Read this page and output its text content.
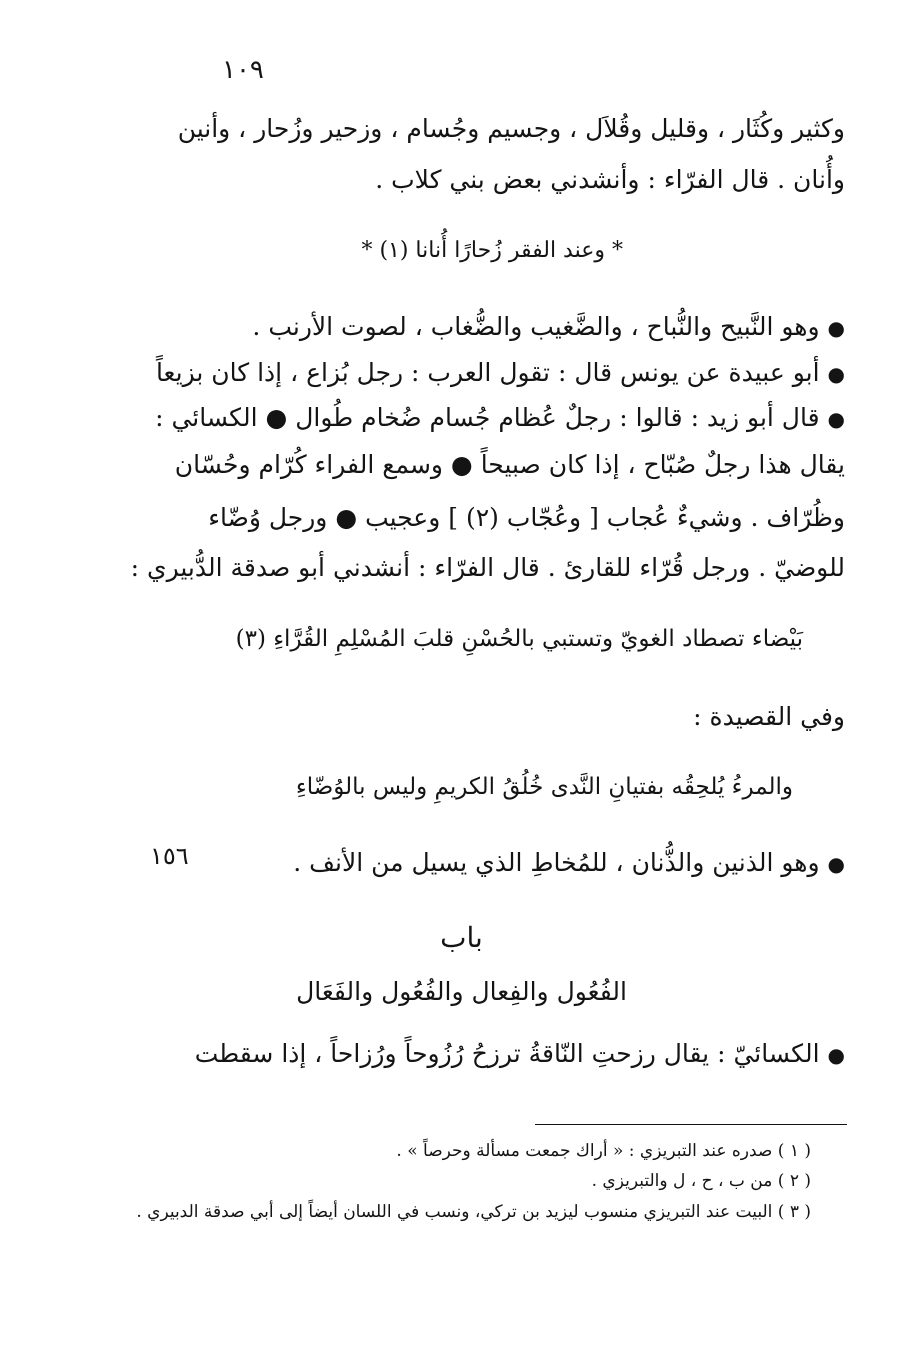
١٠٩
وكثير وكُثَار ، وقليل وقُلاَل ، وجسيم وجُسام ، وزحير وزُحار ، وأنين
وأُنان . قال الفرّاء : وأنشدني بعض بني كلاب .
* وعند الفقر زُحارًا أُنانا (١) *
●وهو النَّبيح والنُّباح ، والضَّغيب والضُّغاب ، لصوت الأرنب .
●أبو عبيدة عن يونس قال : تقول العرب : رجل بُزاع ، إذا كان بزيعاً
●قال أبو زيد : قالوا : رجلٌ عُظام جُسام ضُخام طُوال ● الكسائي :
يقال هذا رجلٌ صُبّاح ، إذا كان صبيحاً ● وسمع الفراء كُرّام وحُسّان
وظُرّاف . وشيءٌ عُجاب [ وعُجّاب (٢) ] وعجيب ● ورجل وُضّاء
للوضيّ . ورجل قُرّاء للقارئ . قال الفرّاء : أنشدني أبو صدقة الدُّبيري :
بَيْضاء تصطاد الغويّ وتستبي بالحُسْنِ قلبَ المُسْلِمِ القُرَّاءِ (٣)
وفي القصيدة :
والمرءُ يُلحِقُه بفتيانِ النَّدى خُلُقُ الكريمِ وليس بالوُضّاءِ
١٥٦	●وهو الذنين والذُّنان ، للمُخاطِ الذي يسيل من الأنف .
باب
الفُعُول والفِعال والفُعُول والفَعَال
●الكسائيّ : يقال رزحتِ النّاقةُ ترزحُ رُزُوحاً ورُزاحاً ، إذا سقطت
( ١ ) صدره عند التبريزي : « أراك جمعت مسألة وحرصاً » .
( ٢ ) من ب ، ح ، ل والتبريزي .
( ٣ ) البيت عند التبريزي منسوب ليزيد بن تركي، ونسب في اللسان أيضاً إلى أبي صدقة الدبيري .
